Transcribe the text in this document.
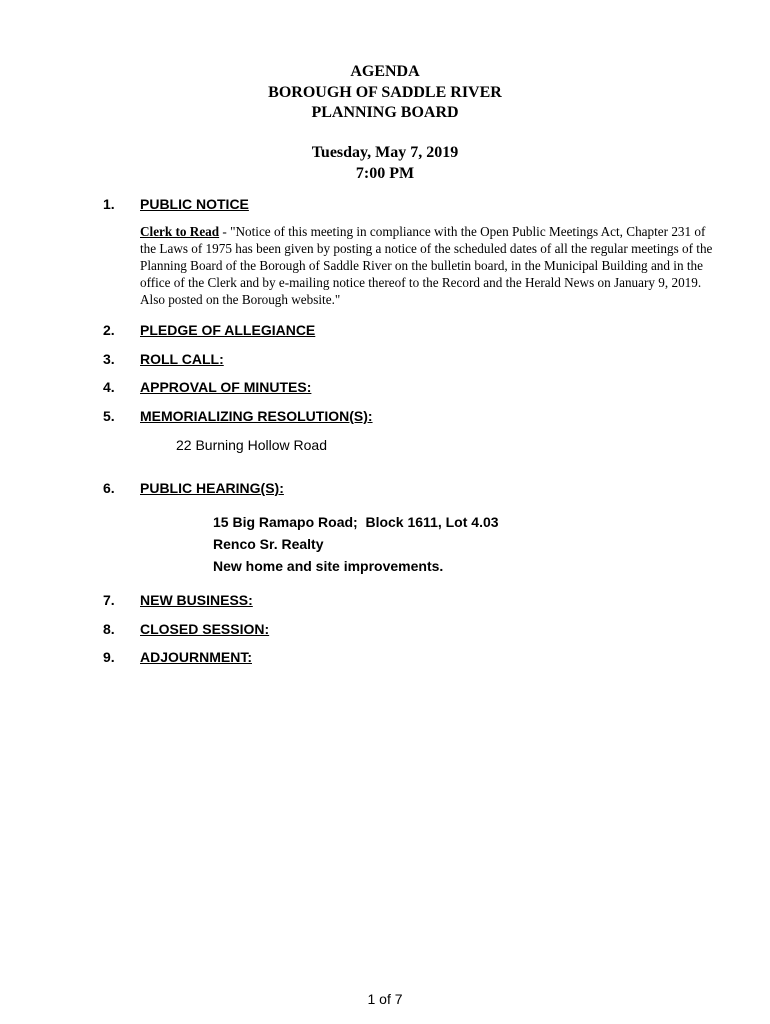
AGENDA
BOROUGH OF SADDLE RIVER
PLANNING BOARD
Tuesday, May 7, 2019
7:00 PM
1. PUBLIC NOTICE
Clerk to Read - "Notice of this meeting in compliance with the Open Public Meetings Act, Chapter 231 of the Laws of 1975 has been given by posting a notice of the scheduled dates of all the regular meetings of the Planning Board of the Borough of Saddle River on the bulletin board, in the Municipal Building and in the office of the Clerk and by e-mailing notice thereof to the Record and the Herald News on January 9, 2019. Also posted on the Borough website."
2. PLEDGE OF ALLEGIANCE
3. ROLL CALL:
4. APPROVAL OF MINUTES:
5. MEMORIALIZING RESOLUTION(S):
22 Burning Hollow Road
6. PUBLIC HEARING(S):
15 Big Ramapo Road;  Block 1611, Lot 4.03
Renco Sr. Realty
New home and site improvements.
7. NEW BUSINESS:
8. CLOSED SESSION:
9. ADJOURNMENT:
1 of 7
